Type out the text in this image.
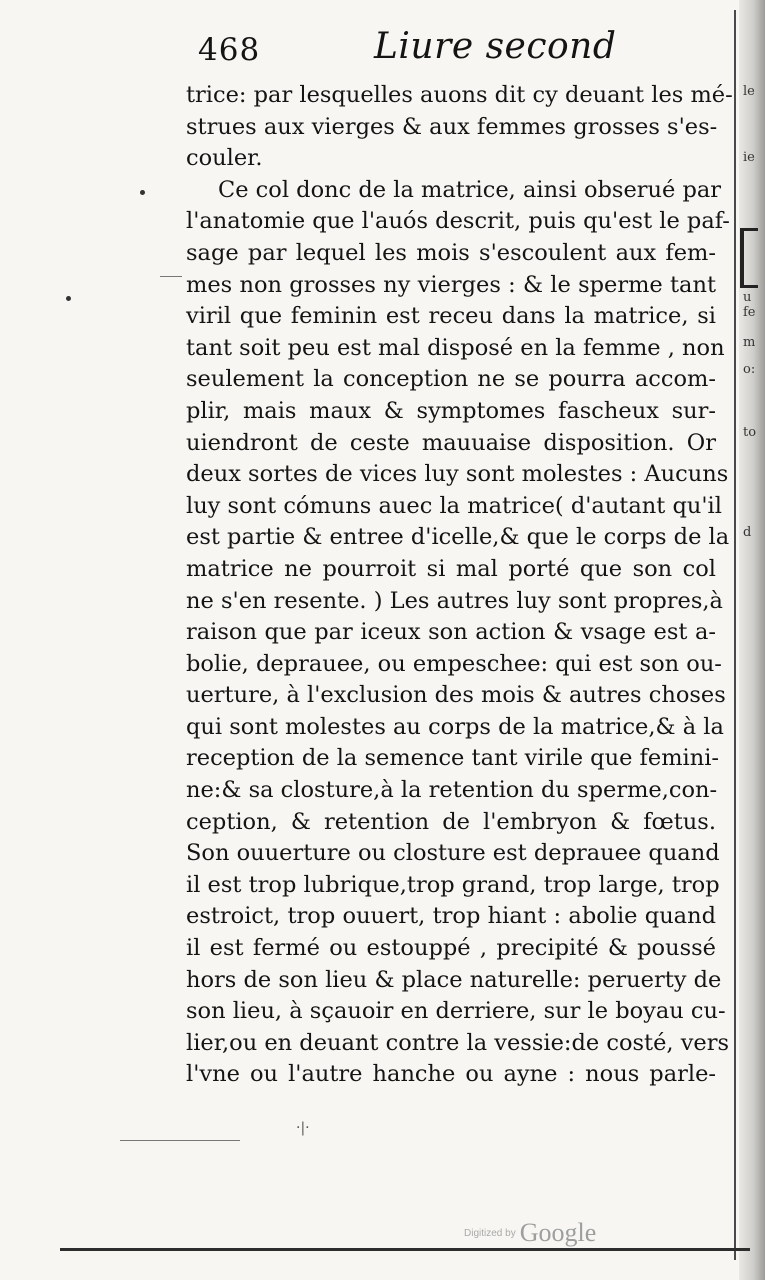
le
ie
u
fe
m
o:
to
d
468	Liure second
trice: par lesquelles auons dit cy deuant les mé-
strues aux vierges & aux femmes grosses s'es-
couler.
Ce col donc de la matrice, ainsi obserué par
l'anatomie que l'auós descrit, puis qu'est le paf-
sage par lequel les mois s'escoulent aux fem-
mes non grosses ny vierges : & le sperme tant
viril que feminin est receu dans la matrice, si
tant soit peu est mal disposé en la femme , non
seulement la conception ne se pourra accom-
plir, mais maux & symptomes fascheux sur-
uiendront de ceste mauuaise disposition. Or
deux sortes de vices luy sont molestes : Aucuns
luy sont cómuns auec la matrice( d'autant qu'il
est partie & entree d'icelle,& que le corps de la
matrice ne pourroit si mal porté que son col
ne s'en resente. ) Les autres luy sont propres,à
raison que par iceux son action & vsage est a-
bolie, deprauee, ou empeschee: qui est son ou-
uerture, à l'exclusion des mois & autres choses
qui sont molestes au corps de la matrice,& à la
reception de la semence tant virile que femini-
ne:& sa closture,à la retention du sperme,con-
ception, & retention de l'embryon & fœtus.
Son ouuerture ou closture est deprauee quand
il est trop lubrique,trop grand, trop large, trop
estroict, trop ouuert, trop hiant : abolie quand
il est fermé ou estouppé , precipité & poussé
hors de son lieu & place naturelle: peruerty de
son lieu, à sçauoir en derriere, sur le boyau cu-
lier,ou en deuant contre la vessie:de costé, vers
l'vne ou l'autre hanche ou ayne : nous parle-
·|·
Digitized by Google
